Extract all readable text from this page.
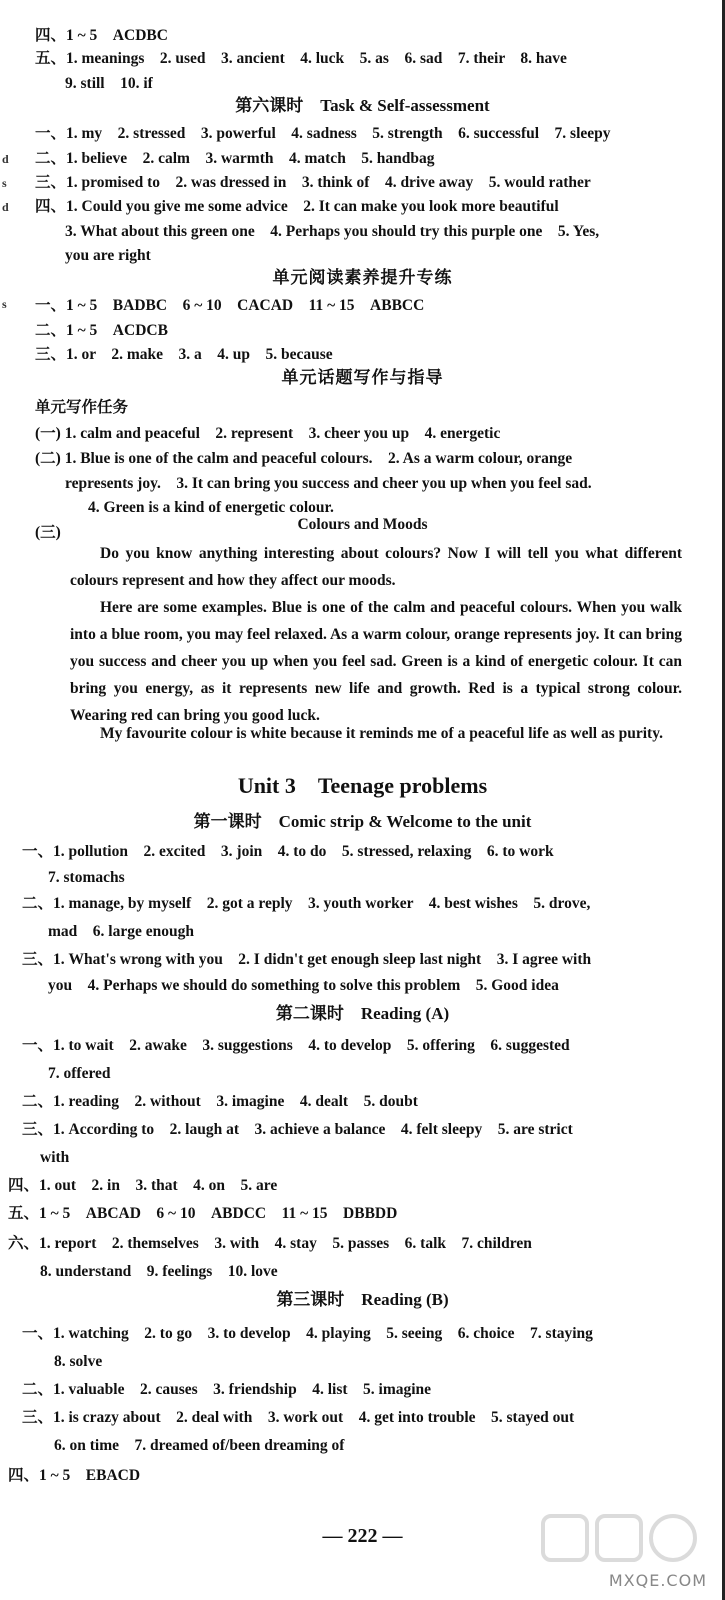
d
s
d
s
四、1 ~ 5　ACDBC
五、1. meanings　2. used　3. ancient　4. luck　5. as　6. sad　7. their　8. have
9. still　10. if
第六课时　Task & Self-assessment
一、1. my　2. stressed　3. powerful　4. sadness　5. strength　6. successful　7. sleepy
二、1. believe　2. calm　3. warmth　4. match　5. handbag
三、1. promised to　2. was dressed in　3. think of　4. drive away　5. would rather
四、1. Could you give me some advice　2. It can make you look more beautiful
3. What about this green one　4. Perhaps you should try this purple one　5. Yes,
you are right
单元阅读素养提升专练
一、1 ~ 5　BADBC　6 ~ 10　CACAD　11 ~ 15　ABBCC
二、1 ~ 5　ACDCB
三、1. or　2. make　3. a　4. up　5. because
单元话题写作与指导
单元写作任务
(一) 1. calm and peaceful　2. represent　3. cheer you up　4. energetic
(二) 1. Blue is one of the calm and peaceful colours.　2. As a warm colour, orange
represents joy.　3. It can bring you success and cheer you up when you feel sad.
4. Green is a kind of energetic colour.
(三)	Colours and Moods
Do you know anything interesting about colours? Now I will tell you what different colours represent and how they affect our moods.
Here are some examples. Blue is one of the calm and peaceful colours. When you walk into a blue room, you may feel relaxed. As a warm colour, orange represents joy. It can bring you success and cheer you up when you feel sad. Green is a kind of energetic colour. It can bring you energy, as it represents new life and growth. Red is a typical strong colour. Wearing red can bring you good luck.
My favourite colour is white because it reminds me of a peaceful life as well as purity.
Unit 3　Teenage problems
第一课时　Comic strip & Welcome to the unit
一、1. pollution　2. excited　3. join　4. to do　5. stressed, relaxing　6. to work
7. stomachs
二、1. manage, by myself　2. got a reply　3. youth worker　4. best wishes　5. drove,
mad　6. large enough
三、1. What's wrong with you　2. I didn't get enough sleep last night　3. I agree with
you　4. Perhaps we should do something to solve this problem　5. Good idea
第二课时　Reading (A)
一、1. to wait　2. awake　3. suggestions　4. to develop　5. offering　6. suggested
7. offered
二、1. reading　2. without　3. imagine　4. dealt　5. doubt
三、1. According to　2. laugh at　3. achieve a balance　4. felt sleepy　5. are strict
with
四、1. out　2. in　3. that　4. on　5. are
五、1 ~ 5　ABCAD　6 ~ 10　ABDCC　11 ~ 15　DBBDD
六、1. report　2. themselves　3. with　4. stay　5. passes　6. talk　7. children
8. understand　9. feelings　10. love
第三课时　Reading (B)
一、1. watching　2. to go　3. to develop　4. playing　5. seeing　6. choice　7. staying
8. solve
二、1. valuable　2. causes　3. friendship　4. list　5. imagine
三、1. is crazy about　2. deal with　3. work out　4. get into trouble　5. stayed out
6. on time　7. dreamed of/been dreaming of
四、1 ~ 5　EBACD
— 222 —
MXQE.COM
